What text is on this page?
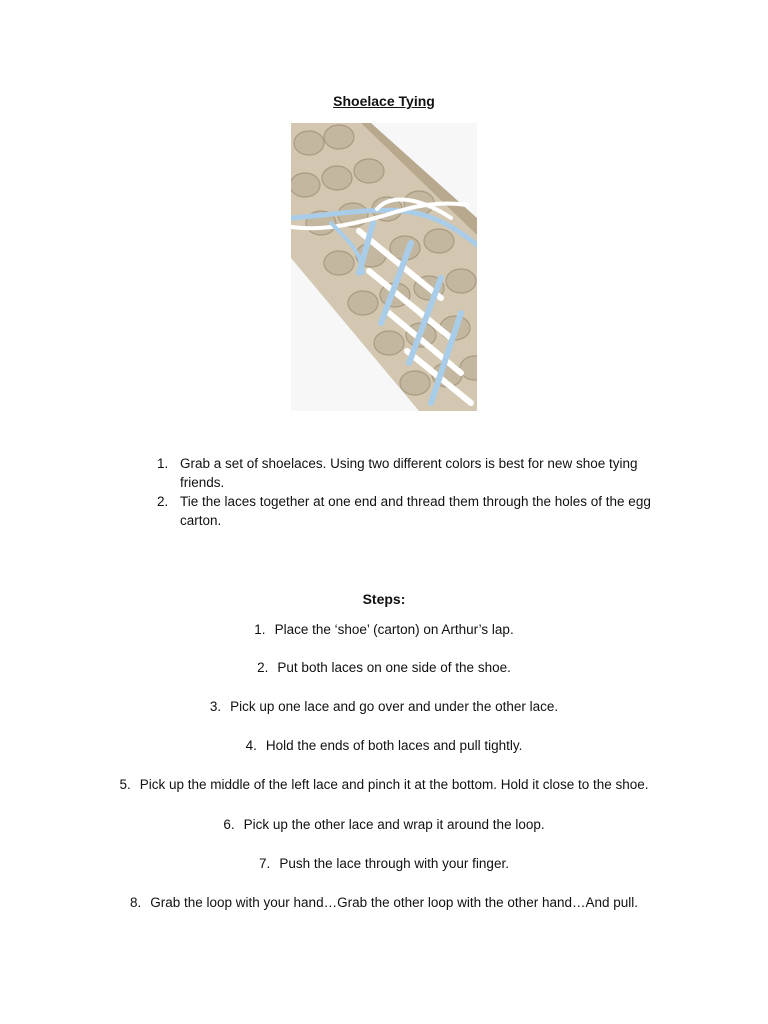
Shoelace Tying
1. Grab a set of shoelaces. Using two different colors is best for new shoe tying friends.
2. Tie the laces together at one end and thread them through the holes of the egg carton.
Steps:
1. Place the ‘shoe’ (carton) on Arthur’s lap.
2. Put both laces on one side of the shoe.
3. Pick up one lace and go over and under the other lace.
4. Hold the ends of both laces and pull tightly.
5. Pick up the middle of the left lace and pinch it at the bottom. Hold it close to the shoe.
6. Pick up the other lace and wrap it around the loop.
7. Push the lace through with your finger.
8. Grab the loop with your hand…Grab the other loop with the other hand…And pull.
